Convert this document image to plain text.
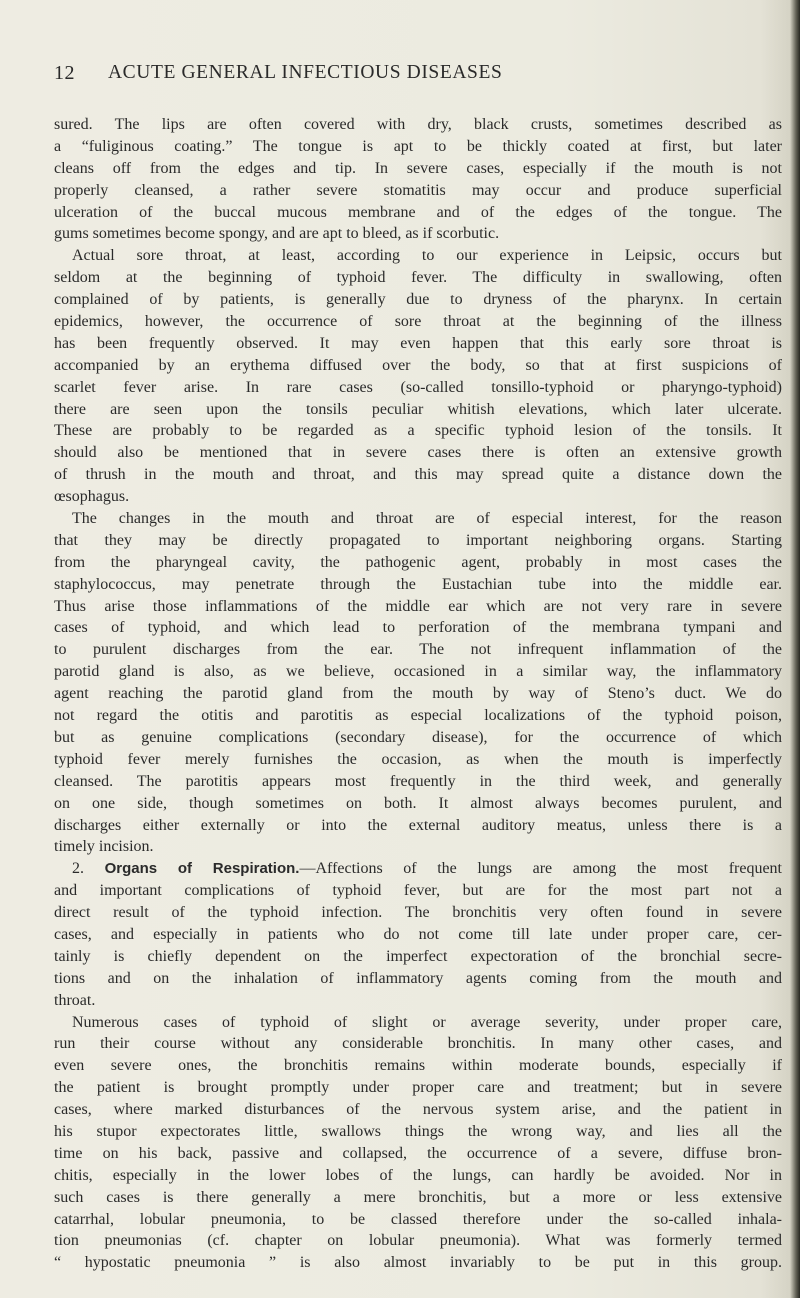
12 ACUTE GENERAL INFECTIOUS DISEASES
sured. The lips are often covered with dry, black crusts, sometimes described as
a “fuliginous coating.” The tongue is apt to be thickly coated at first, but later
cleans off from the edges and tip. In severe cases, especially if the mouth is not
properly cleansed, a rather severe stomatitis may occur and produce superficial
ulceration of the buccal mucous membrane and of the edges of the tongue. The
gums sometimes become spongy, and are apt to bleed, as if scorbutic.
Actual sore throat, at least, according to our experience in Leipsic, occurs but
seldom at the beginning of typhoid fever. The difficulty in swallowing, often
complained of by patients, is generally due to dryness of the pharynx. In certain
epidemics, however, the occurrence of sore throat at the beginning of the illness
has been frequently observed. It may even happen that this early sore throat is
accompanied by an erythema diffused over the body, so that at first suspicions of
scarlet fever arise. In rare cases (so-called tonsillo-typhoid or pharyngo-typhoid)
there are seen upon the tonsils peculiar whitish elevations, which later ulcerate.
These are probably to be regarded as a specific typhoid lesion of the tonsils. It
should also be mentioned that in severe cases there is often an extensive growth
of thrush in the mouth and throat, and this may spread quite a distance down the
œsophagus.
The changes in the mouth and throat are of especial interest, for the reason
that they may be directly propagated to important neighboring organs. Starting
from the pharyngeal cavity, the pathogenic agent, probably in most cases the
staphylococcus, may penetrate through the Eustachian tube into the middle ear.
Thus arise those inflammations of the middle ear which are not very rare in severe
cases of typhoid, and which lead to perforation of the membrana tympani and
to purulent discharges from the ear. The not infrequent inflammation of the
parotid gland is also, as we believe, occasioned in a similar way, the inflammatory
agent reaching the parotid gland from the mouth by way of Steno’s duct. We do
not regard the otitis and parotitis as especial localizations of the typhoid poison,
but as genuine complications (secondary disease), for the occurrence of which
typhoid fever merely furnishes the occasion, as when the mouth is imperfectly
cleansed. The parotitis appears most frequently in the third week, and generally
on one side, though sometimes on both. It almost always becomes purulent, and
discharges either externally or into the external auditory meatus, unless there is a
timely incision.
2. Organs of Respiration.—Affections of the lungs are among the most frequent
and important complications of typhoid fever, but are for the most part not a
direct result of the typhoid infection. The bronchitis very often found in severe
cases, and especially in patients who do not come till late under proper care, cer-
tainly is chiefly dependent on the imperfect expectoration of the bronchial secre-
tions and on the inhalation of inflammatory agents coming from the mouth and
throat.
Numerous cases of typhoid of slight or average severity, under proper care,
run their course without any considerable bronchitis. In many other cases, and
even severe ones, the bronchitis remains within moderate bounds, especially if
the patient is brought promptly under proper care and treatment; but in severe
cases, where marked disturbances of the nervous system arise, and the patient in
his stupor expectorates little, swallows things the wrong way, and lies all the
time on his back, passive and collapsed, the occurrence of a severe, diffuse bron-
chitis, especially in the lower lobes of the lungs, can hardly be avoided. Nor in
such cases is there generally a mere bronchitis, but a more or less extensive
catarrhal, lobular pneumonia, to be classed therefore under the so-called inhala-
tion pneumonias (cf. chapter on lobular pneumonia). What was formerly termed
“ hypostatic pneumonia ” is also almost invariably to be put in this group.
